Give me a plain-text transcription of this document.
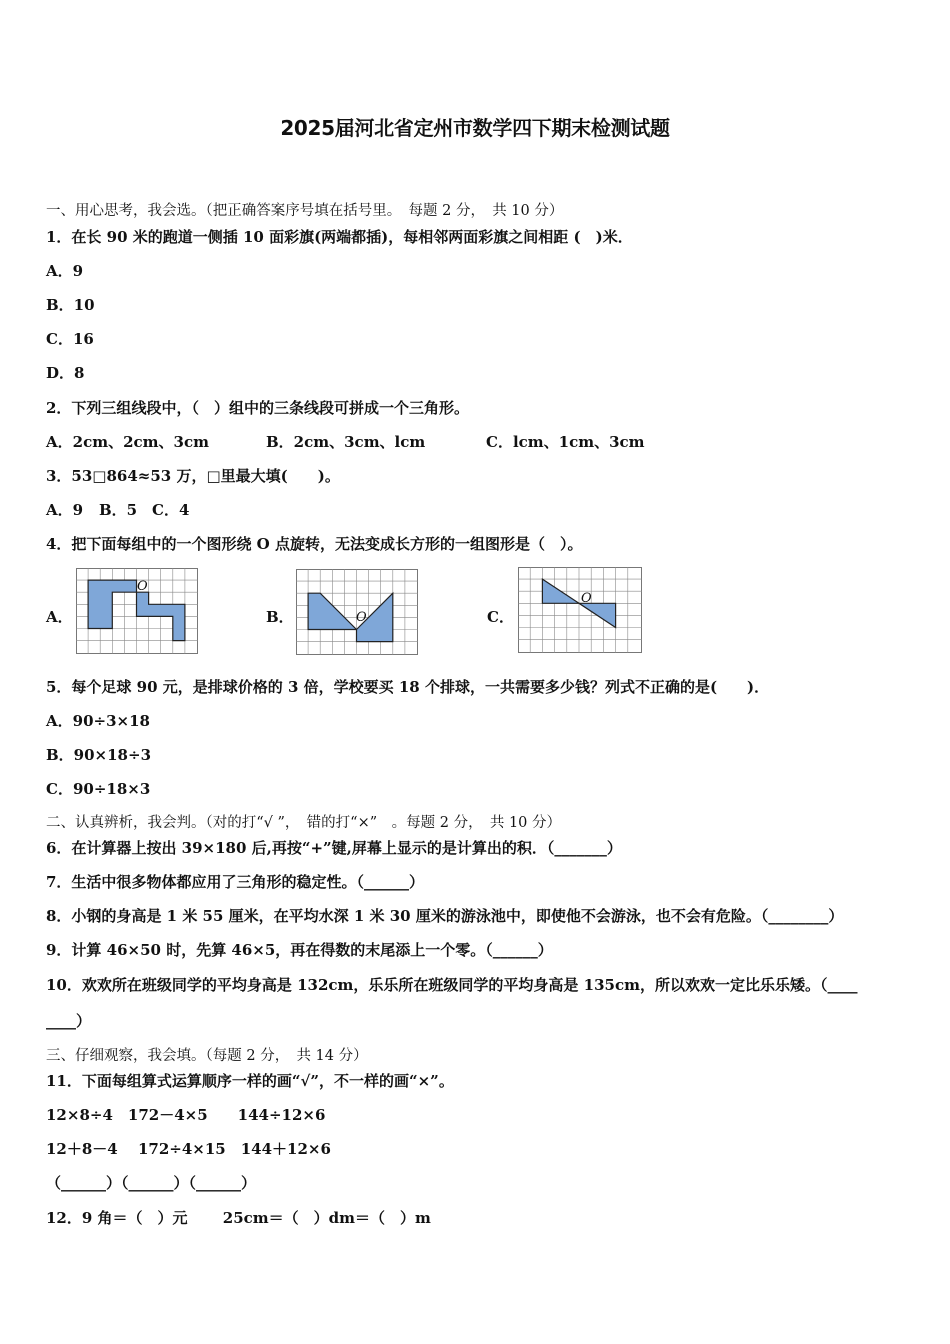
2025届河北省定州市数学四下期末检测试题
一、用心思考，我会选。（把正确答案序号填在括号里。　每题 2 分，　共 10 分）
1．在长 90 米的跑道一侧插 10 面彩旗(两端都插)，每相邻两面彩旗之间相距 (　)米．
A．9
B．10
C．16
D．8
2．下列三组线段中，（　）组中的三条线段可拼成一个三角形。
A．2cm、2cm、3cm	B．2cm、3cm、lcm	C．lcm、1cm、3cm
3．53□864≈53 万，□里最大填(　　)。
A．9 B．5 C．4
4．把下面每组中的一个图形绕 O 点旋转，无法变成长方形的一组图形是（　）。
A．
O
B．	O	C．
O
5．每个足球 90 元，是排球价格的 3 倍，学校要买 18 个排球，一共需要多少钱？列式不正确的是(　　)．
A．90÷3×18
B．90×18÷3
C．90÷18×3
二、认真辨析，我会判。（对的打“√ ”，　错的打“×”　。每题 2 分，　共 10 分）
6．在计算器上按出 39×180 后,再按“+”键,屏幕上显示的是计算出的积．（_______）
7．生活中很多物体都应用了三角形的稳定性。（______）
8．小钢的身高是 1 米 55 厘米，在平均水深 1 米 30 厘米的游泳池中，即使他不会游泳，也不会有危险。（________）
9．计算 46×50 时，先算 46×5，再在得数的末尾添上一个零。（______）
10．欢欢所在班级同学的平均身高是 132cm，乐乐所在班级同学的平均身高是 135cm，所以欢欢一定比乐乐矮。（____
____）
三、仔细观察，我会填。（每题 2 分，　共 14 分）
11．下面每组算式运算顺序一样的画“√”，不一样的画“×”。
12×8÷4　172－4×5　　144÷12×6
12＋8－4　 172÷4×15　144＋12×6
（______）（______）（______）
12．9 角＝（　）元　　 25cm＝（　）dm＝（　）m
